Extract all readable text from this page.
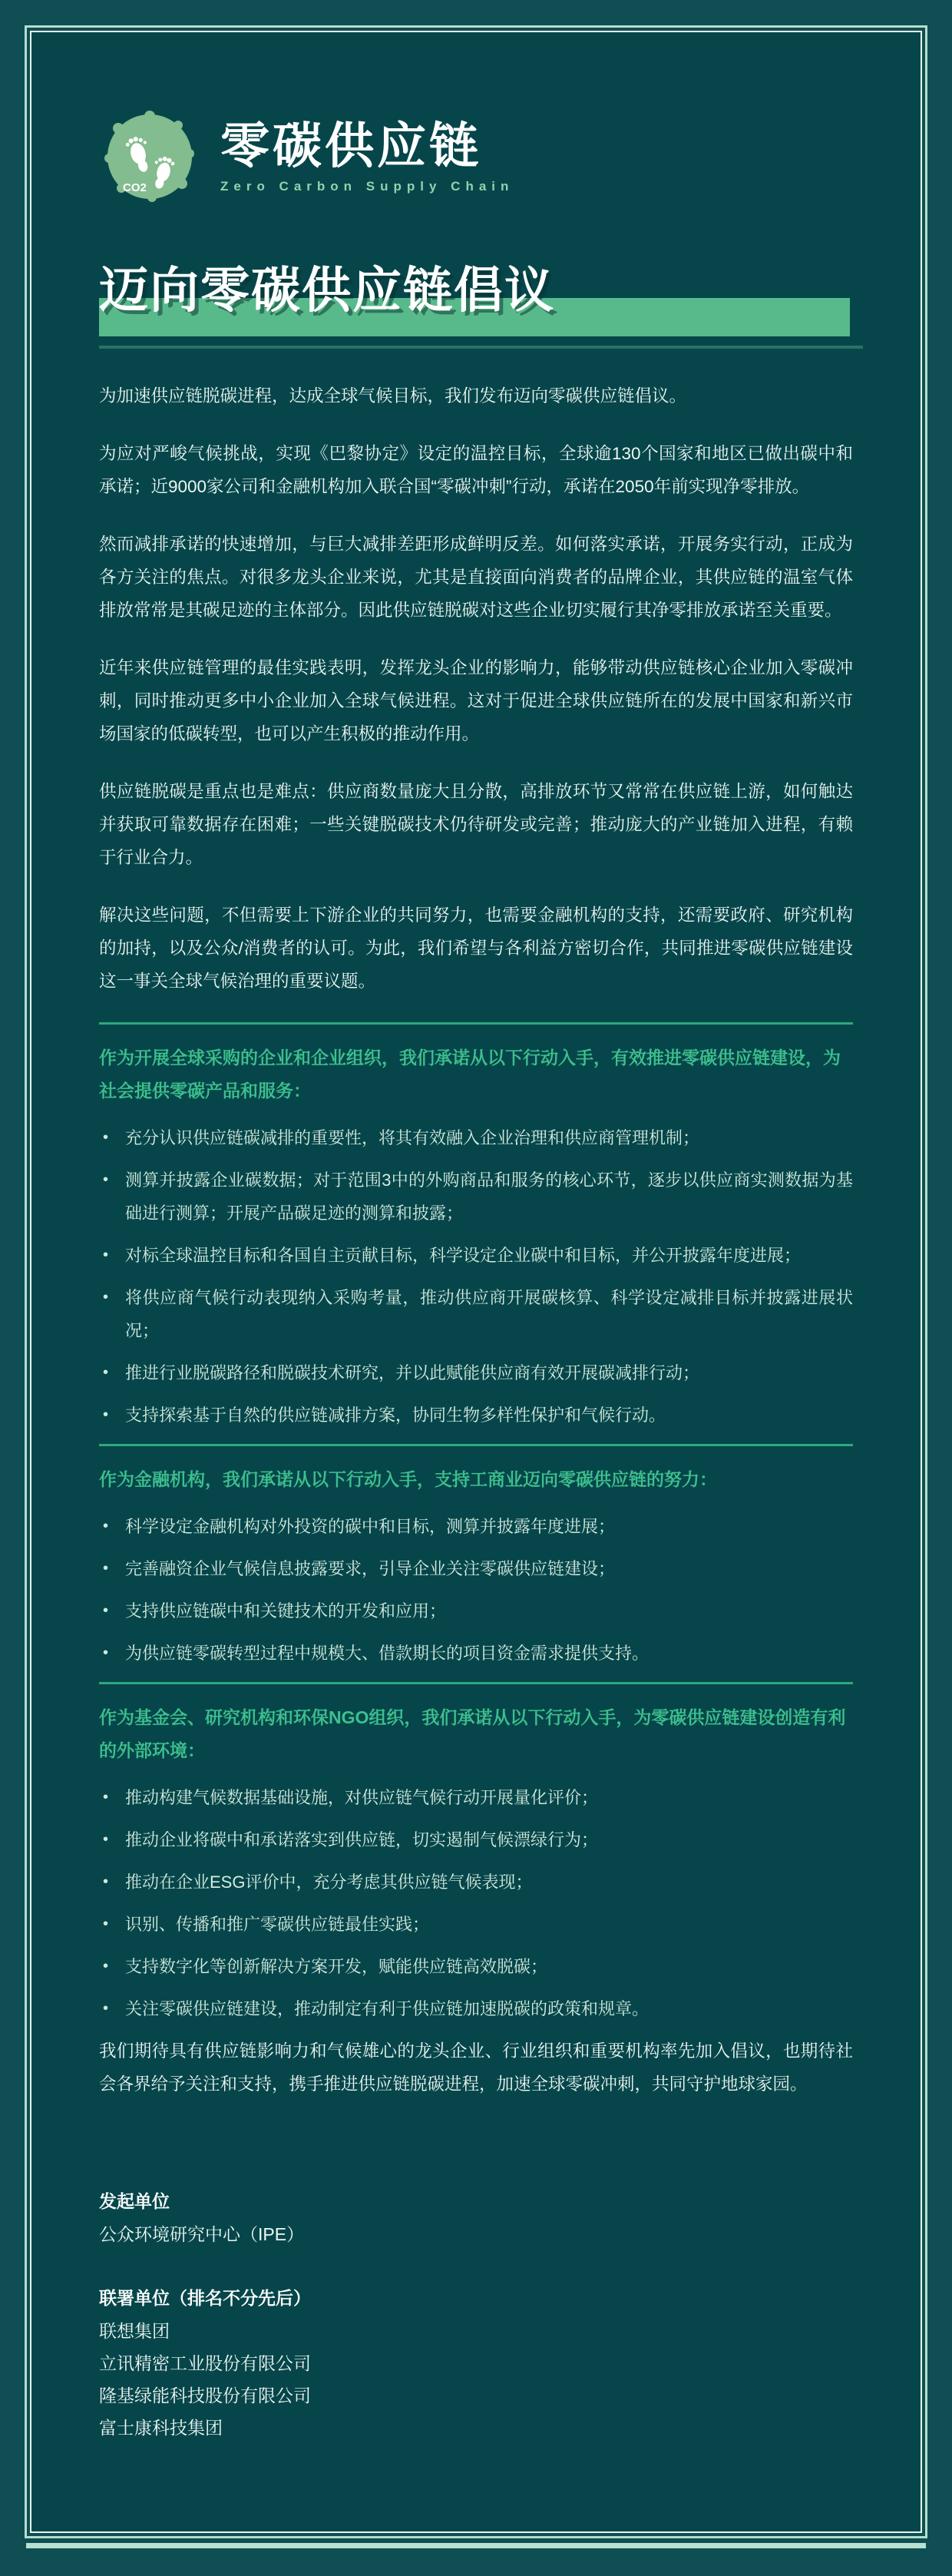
CO2
零碳供应链
Zero Carbon Supply Chain
迈向零碳供应链倡议

为加速供应链脱碳进程，达成全球气候目标，我们发布迈向零碳供应链倡议。

为应对严峻气候挑战，实现《巴黎协定》设定的温控目标，全球逾130个国家和地区已做出碳中和承诺；近9000家公司和金融机构加入联合国“零碳冲刺”行动，承诺在2050年前实现净零排放。

然而减排承诺的快速增加，与巨大减排差距形成鲜明反差。如何落实承诺，开展务实行动，正成为各方关注的焦点。对很多龙头企业来说，尤其是直接面向消费者的品牌企业，其供应链的温室气体排放常常是其碳足迹的主体部分。因此供应链脱碳对这些企业切实履行其净零排放承诺至关重要。

近年来供应链管理的最佳实践表明，发挥龙头企业的影响力，能够带动供应链核心企业加入零碳冲刺，同时推动更多中小企业加入全球气候进程。这对于促进全球供应链所在的发展中国家和新兴市场国家的低碳转型，也可以产生积极的推动作用。

供应链脱碳是重点也是难点：供应商数量庞大且分散，高排放环节又常常在供应链上游，如何触达并获取可靠数据存在困难；一些关键脱碳技术仍待研发或完善；推动庞大的产业链加入进程，有赖于行业合力。

解决这些问题，不但需要上下游企业的共同努力，也需要金融机构的支持，还需要政府、研究机构的加持，以及公众/消费者的认可。为此，我们希望与各利益方密切合作，共同推进零碳供应链建设这一事关全球气候治理的重要议题。

作为开展全球采购的企业和企业组织，我们承诺从以下行动入手，有效推进零碳供应链建设，为社会提供零碳产品和服务：

• 充分认识供应链碳减排的重要性，将其有效融入企业治理和供应商管理机制；
• 测算并披露企业碳数据；对于范围3中的外购商品和服务的核心环节，逐步以供应商实测数据为基础进行测算；开展产品碳足迹的测算和披露；
• 对标全球温控目标和各国自主贡献目标，科学设定企业碳中和目标，并公开披露年度进展；
• 将供应商气候行动表现纳入采购考量，推动供应商开展碳核算、科学设定减排目标并披露进展状况；
• 推进行业脱碳路径和脱碳技术研究，并以此赋能供应商有效开展碳减排行动；
• 支持探索基于自然的供应链减排方案，协同生物多样性保护和气候行动。

作为金融机构，我们承诺从以下行动入手，支持工商业迈向零碳供应链的努力：

• 科学设定金融机构对外投资的碳中和目标，测算并披露年度进展；
• 完善融资企业气候信息披露要求，引导企业关注零碳供应链建设；
• 支持供应链碳中和关键技术的开发和应用；
• 为供应链零碳转型过程中规模大、借款期长的项目资金需求提供支持。

作为基金会、研究机构和环保NGO组织，我们承诺从以下行动入手，为零碳供应链建设创造有利的外部环境：

• 推动构建气候数据基础设施，对供应链气候行动开展量化评价；
• 推动企业将碳中和承诺落实到供应链，切实遏制气候漂绿行为；
• 推动在企业ESG评价中，充分考虑其供应链气候表现；
• 识别、传播和推广零碳供应链最佳实践；
• 支持数字化等创新解决方案开发，赋能供应链高效脱碳；
• 关注零碳供应链建设，推动制定有利于供应链加速脱碳的政策和规章。

我们期待具有供应链影响力和气候雄心的龙头企业、行业组织和重要机构率先加入倡议，也期待社会各界给予关注和支持，携手推进供应链脱碳进程，加速全球零碳冲刺，共同守护地球家园。

发起单位

公众环境研究中心（IPE）

联署单位（排名不分先后）

联想集团

立讯精密工业股份有限公司

隆基绿能科技股份有限公司

富士康科技集团
